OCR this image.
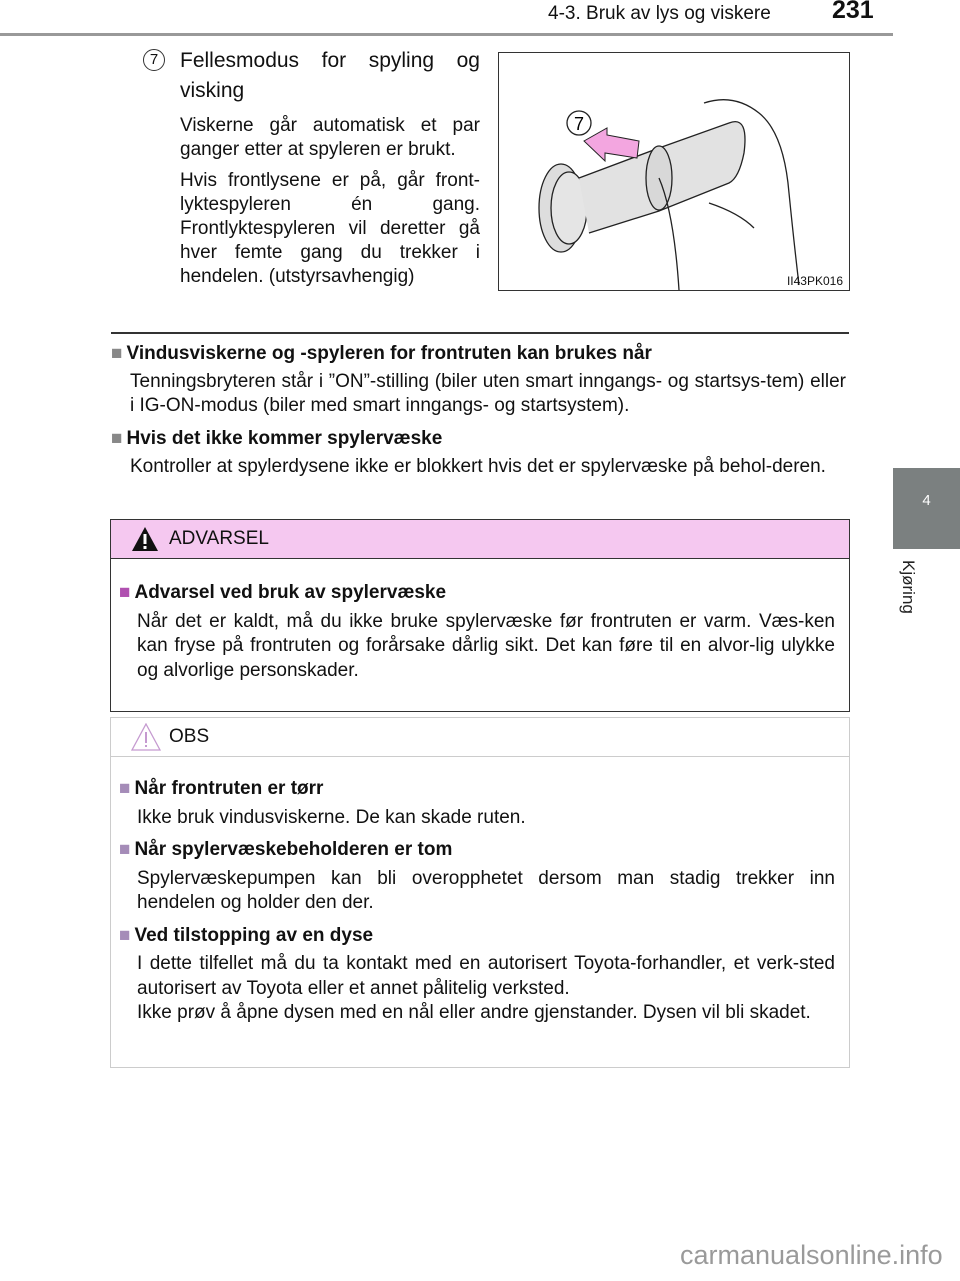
4-3. Bruk av lys og viskere 231
4
Kjøring
7	Fellesmodus for spyling og visking

Viskerne går automatisk et par ganger etter at spyleren er brukt.

Hvis frontlysene er på, går front-lyktespyleren én gang. Frontlyktespyleren vil deretter gå hver femte gang du trekker i hendelen. (utstyrsavhengig)

7
II43PK016
■ Vindusviskerne og -spyleren for frontruten kan brukes når
Tenningsbryteren står i ”ON”-stilling (biler uten smart inngangs- og startsys-tem) eller i IG-ON-modus (biler med smart inngangs- og startsystem).
■ Hvis det ikke kommer spylervæske
Kontroller at spylerdysene ikke er blokkert hvis det er spylervæske på behol-deren.
ADVARSEL
■ Advarsel ved bruk av spylervæske
Når det er kaldt, må du ikke bruke spylervæske før frontruten er varm. Væs-ken kan fryse på frontruten og forårsake dårlig sikt. Det kan føre til en alvor-lig ulykke og alvorlige personskader.
OBS
■ Når frontruten er tørr
Ikke bruk vindusviskerne. De kan skade ruten.
■ Når spylervæskebeholderen er tom
Spylervæskepumpen kan bli overopphetet dersom man stadig trekker inn hendelen og holder den der.
■ Ved tilstopping av en dyse
I dette tilfellet må du ta kontakt med en autorisert Toyota-forhandler, et verk-sted autorisert av Toyota eller et annet pålitelig verksted.
Ikke prøv å åpne dysen med en nål eller andre gjenstander. Dysen vil bli skadet.
carmanualsonline.info
